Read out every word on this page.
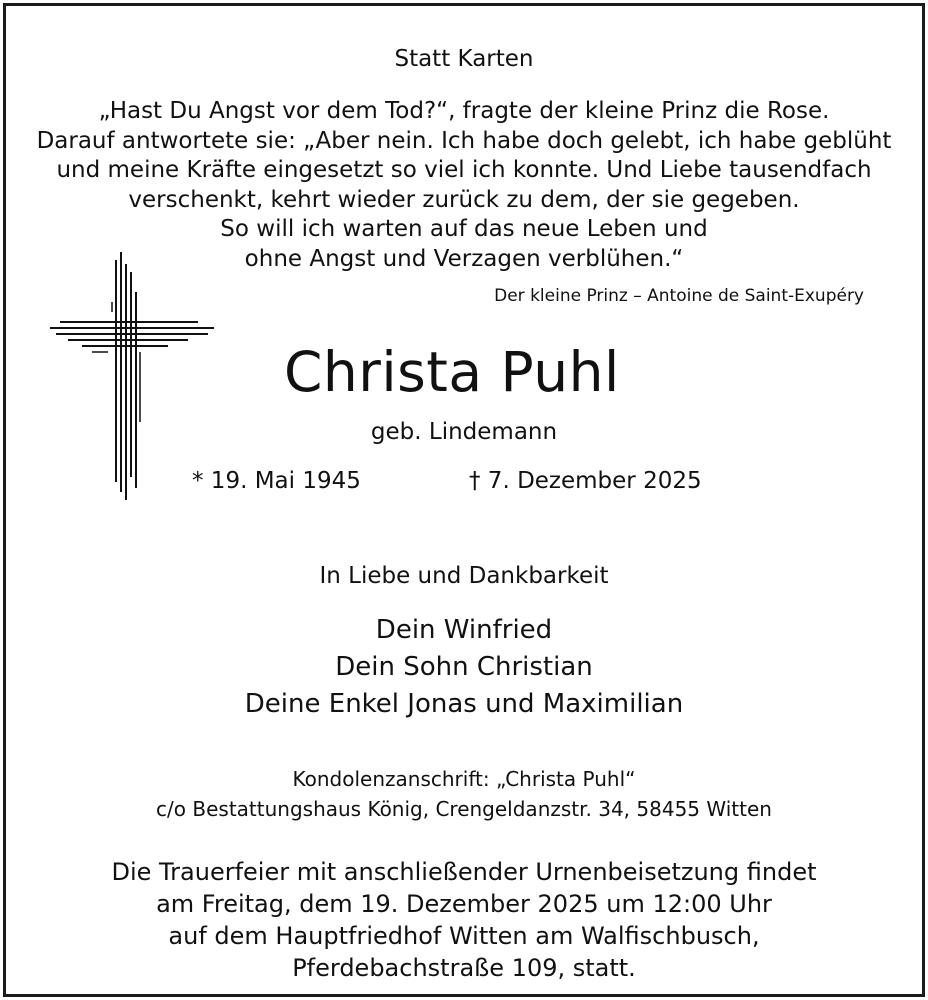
Statt Karten
„Hast Du Angst vor dem Tod?“, fragte der kleine Prinz die Rose.
Darauf antwortete sie: „Aber nein. Ich habe doch gelebt, ich habe geblüht
und meine Kräfte eingesetzt so viel ich konnte. Und Liebe tausendfach
verschenkt, kehrt wieder zurück zu dem, der sie gegeben.
So will ich warten auf das neue Leben und
ohne Angst und Verzagen verblühen.“
Der kleine Prinz – Antoine de Saint-Exupéry
Christa Puhl
geb. Lindemann
* 19. Mai 1945	† 7. Dezember 2025
In Liebe und Dankbarkeit
Dein Winfried
Dein Sohn Christian
Deine Enkel Jonas und Maximilian
Kondolenzanschrift: „Christa Puhl“
c/o Bestattungshaus König, Crengeldanzstr. 34, 58455 Witten
Die Trauerfeier mit anschließender Urnenbeisetzung findet
am Freitag, dem 19. Dezember 2025 um 12:00 Uhr
auf dem Hauptfriedhof Witten am Walfischbusch,
Pferdebachstraße 109, statt.
